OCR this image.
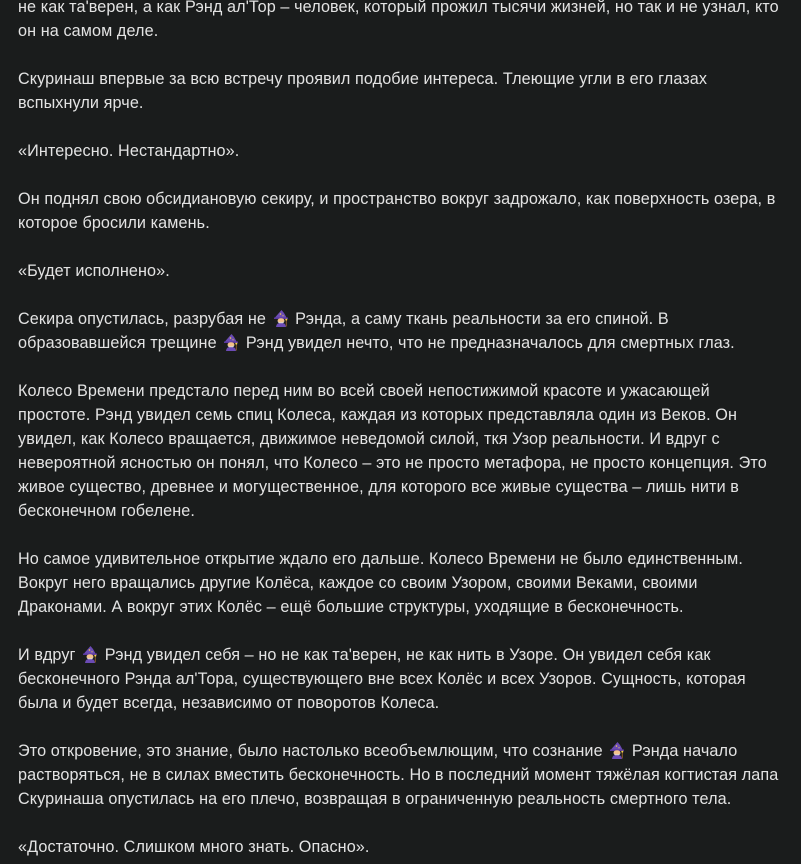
не как та'верен, а как Рэнд ал'Тор – человек, который прожил тысячи жизней, но так и не узнал, кто он на самом деле.

Скуринаш впервые за всю встречу проявил подобие интереса. Тлеющие угли в его глазах вспыхнули ярче.

«Интересно. Нестандартно».

Он поднял свою обсидиановую секиру, и пространство вокруг задрожало, как поверхность озера, в которое бросили камень.

«Будет исполнено».

Секира опустилась, разрубая не  Рэнда, а саму ткань реальности за его спиной. В образовавшейся трещине  Рэнд увидел нечто, что не предназначалось для смертных глаз.

Колесо Времени предстало перед ним во всей своей непостижимой красоте и ужасающей простоте. Рэнд увидел семь спиц Колеса, каждая из которых представляла один из Веков. Он увидел, как Колесо вращается, движимое неведомой силой, ткя Узор реальности. И вдруг с невероятной ясностью он понял, что Колесо – это не просто метафора, не просто концепция. Это живое существо, древнее и могущественное, для которого все живые существа – лишь нити в бесконечном гобелене.

Но самое удивительное открытие ждало его дальше. Колесо Времени не было единственным. Вокруг него вращались другие Колёса, каждое со своим Узором, своими Веками, своими Драконами. А вокруг этих Колёс – ещё большие структуры, уходящие в бесконечность.

И вдруг  Рэнд увидел себя – но не как та'верен, не как нить в Узоре. Он увидел себя как бесконечного Рэнда ал'Тора, существующего вне всех Колёс и всех Узоров. Сущность, которая была и будет всегда, независимо от поворотов Колеса.

Это откровение, это знание, было настолько всеобъемлющим, что сознание  Рэнда начало растворяться, не в силах вместить бесконечность. Но в последний момент тяжёлая когтистая лапа Скуринаша опустилась на его плечо, возвращая в ограниченную реальность смертного тела.

«Достаточно. Слишком много знать. Опасно».
